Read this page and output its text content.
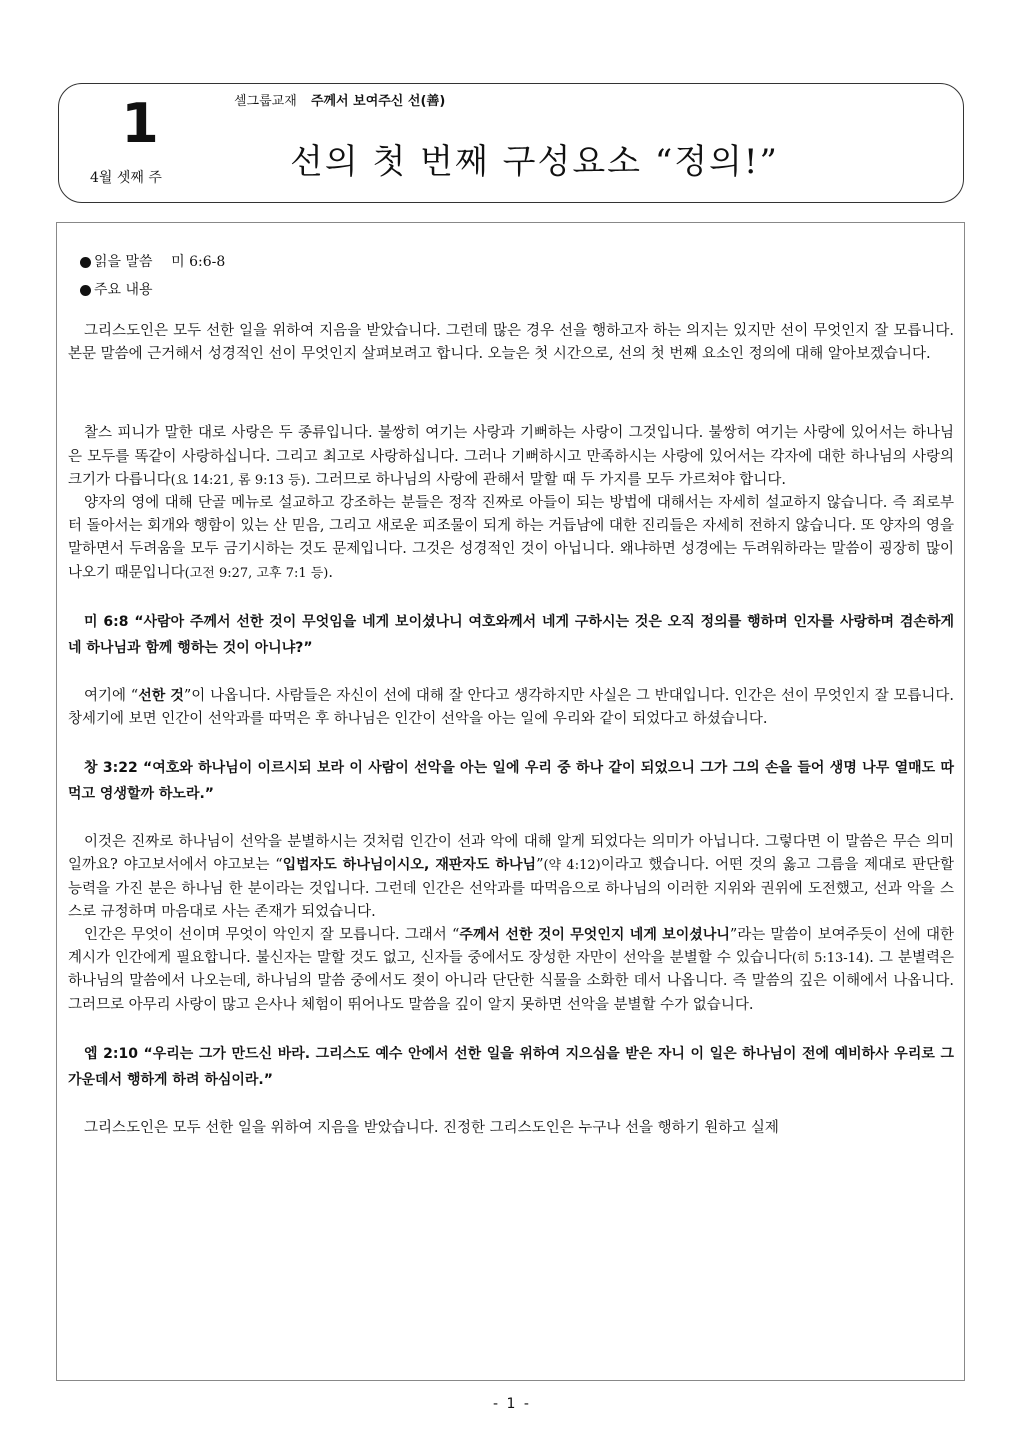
1
4월 셋째 주
셀그룹교재 주께서 보여주신 선(善)
선의 첫 번째 구성요소 “정의!”
읽을 말씀 미 6:6-8
주요 내용

그리스도인은 모두 선한 일을 위하여 지음을 받았습니다. 그런데 많은 경우 선을 행하고자 하는 의지는 있지만 선이 무엇인지 잘 모릅니다. 본문 말씀에 근거해서 성경적인 선이 무엇인지 살펴보려고 합니다. 오늘은 첫 시간으로, 선의 첫 번째 요소인 정의에 대해 알아보겠습니다.

찰스 피니가 말한 대로 사랑은 두 종류입니다. 불쌍히 여기는 사랑과 기뻐하는 사랑이 그것입니다. 불쌍히 여기는 사랑에 있어서는 하나님은 모두를 똑같이 사랑하십니다. 그리고 최고로 사랑하십니다. 그러나 기뻐하시고 만족하시는 사랑에 있어서는 각자에 대한 하나님의 사랑의 크기가 다릅니다(요 14:21, 롬 9:13 등). 그러므로 하나님의 사랑에 관해서 말할 때 두 가지를 모두 가르쳐야 합니다.

양자의 영에 대해 단골 메뉴로 설교하고 강조하는 분들은 정작 진짜로 아들이 되는 방법에 대해서는 자세히 설교하지 않습니다. 즉 죄로부터 돌아서는 회개와 행함이 있는 산 믿음, 그리고 새로운 피조물이 되게 하는 거듭남에 대한 진리들은 자세히 전하지 않습니다. 또 양자의 영을 말하면서 두려움을 모두 금기시하는 것도 문제입니다. 그것은 성경적인 것이 아닙니다. 왜냐하면 성경에는 두려워하라는 말씀이 굉장히 많이 나오기 때문입니다(고전 9:27, 고후 7:1 등).

미 6:8 “사람아 주께서 선한 것이 무엇임을 네게 보이셨나니 여호와께서 네게 구하시는 것은 오직 정의를 행하며 인자를 사랑하며 겸손하게 네 하나님과 함께 행하는 것이 아니냐?”

여기에 “선한 것”이 나옵니다. 사람들은 자신이 선에 대해 잘 안다고 생각하지만 사실은 그 반대입니다. 인간은 선이 무엇인지 잘 모릅니다. 창세기에 보면 인간이 선악과를 따먹은 후 하나님은 인간이 선악을 아는 일에 우리와 같이 되었다고 하셨습니다.

창 3:22 “여호와 하나님이 이르시되 보라 이 사람이 선악을 아는 일에 우리 중 하나 같이 되었으니 그가 그의 손을 들어 생명 나무 열매도 따먹고 영생할까 하노라.”

이것은 진짜로 하나님이 선악을 분별하시는 것처럼 인간이 선과 악에 대해 알게 되었다는 의미가 아닙니다. 그렇다면 이 말씀은 무슨 의미일까요? 야고보서에서 야고보는 “입법자도 하나님이시오, 재판자도 하나님”(약 4:12)이라고 했습니다. 어떤 것의 옳고 그름을 제대로 판단할 능력을 가진 분은 하나님 한 분이라는 것입니다. 그런데 인간은 선악과를 따먹음으로 하나님의 이러한 지위와 권위에 도전했고, 선과 악을 스스로 규정하며 마음대로 사는 존재가 되었습니다.

인간은 무엇이 선이며 무엇이 악인지 잘 모릅니다. 그래서 “주께서 선한 것이 무엇인지 네게 보이셨나니”라는 말씀이 보여주듯이 선에 대한 계시가 인간에게 필요합니다. 불신자는 말할 것도 없고, 신자들 중에서도 장성한 자만이 선악을 분별할 수 있습니다(히 5:13-14). 그 분별력은 하나님의 말씀에서 나오는데, 하나님의 말씀 중에서도 젖이 아니라 단단한 식물을 소화한 데서 나옵니다. 즉 말씀의 깊은 이해에서 나옵니다. 그러므로 아무리 사랑이 많고 은사나 체험이 뛰어나도 말씀을 깊이 알지 못하면 선악을 분별할 수가 없습니다.

엡 2:10 “우리는 그가 만드신 바라. 그리스도 예수 안에서 선한 일을 위하여 지으심을 받은 자니 이 일은 하나님이 전에 예비하사 우리로 그 가운데서 행하게 하려 하심이라.”

그리스도인은 모두 선한 일을 위하여 지음을 받았습니다. 진정한 그리스도인은 누구나 선을 행하기 원하고 실제

- 1 -
